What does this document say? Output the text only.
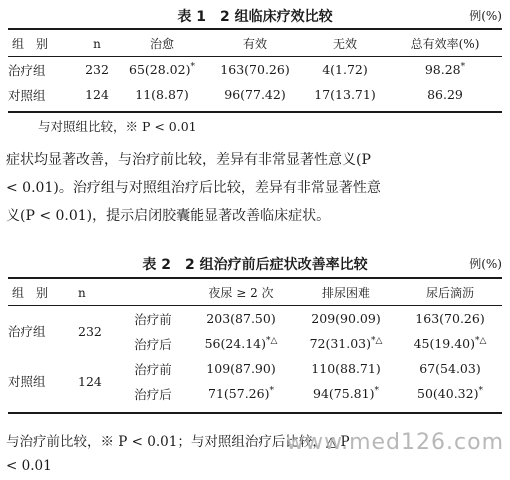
表 1　2 组临床疗效比较	例(%)
组　别	n	治愈	有效	无效	总有效率(%)

治疗组	232	65(28.02)*	163(70.26)	4(1.72)	98.28*
对照组	124	11(8.87)	96(77.42)	17(13.71)	86.29
与对照组比较，※ P < 0.01
症状均显著改善，与治疗前比较，差异有非常显著性意义(P
< 0.01)。治疗组与对照组治疗后比较，差异有非常显著性意
义(P < 0.01)，提示启闭胶囊能显著改善临床症状。
表 2　2 组治疗前后症状改善率比较	例(%)
组　别	n		夜尿 ≥ 2 次	排尿困难	尿后滴沥

治疗组	232	治疗前	203(87.50)	209(90.09)	163(70.26)
		治疗后	56(24.14)*△	72(31.03)*△	45(19.40)*△
对照组	124	治疗前	109(87.90)	110(88.71)	67(54.03)
		治疗后	71(57.26)*	94(75.81)*	50(40.32)*
与治疗前比较，※ P < 0.01；与对照组治疗后比较，△ P
< 0.01
www.med126.com
